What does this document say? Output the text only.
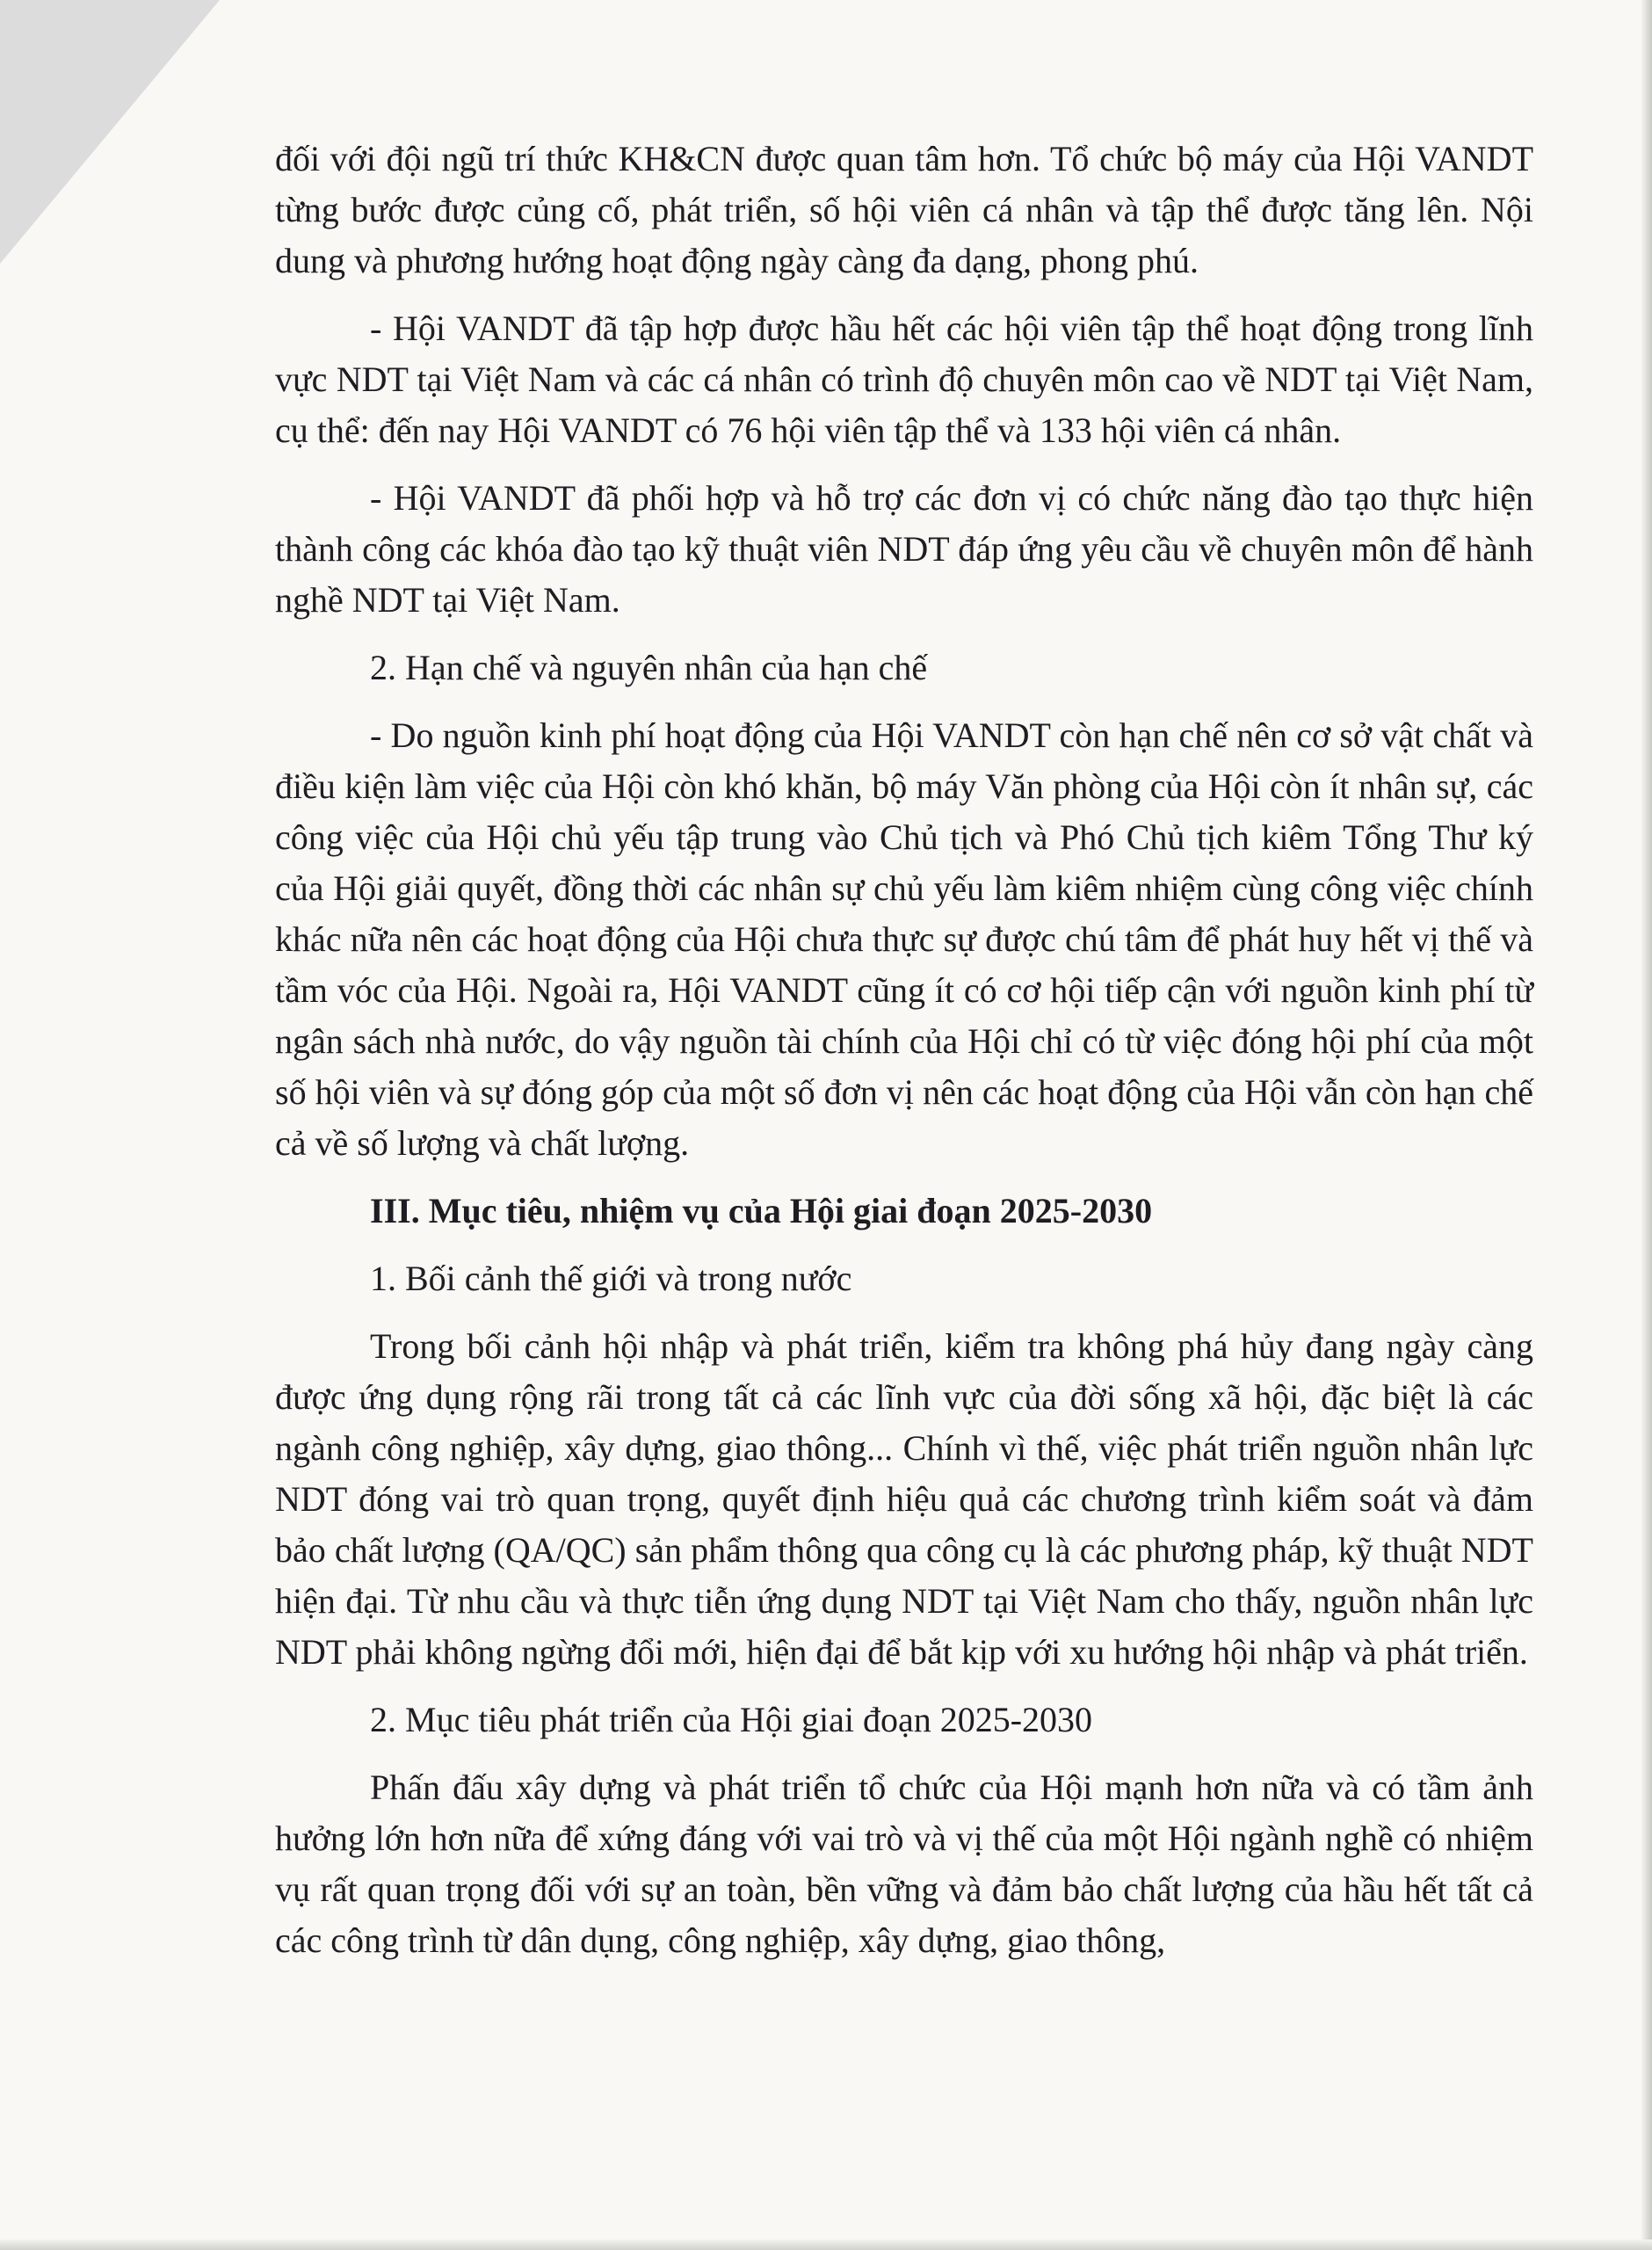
đối với đội ngũ trí thức KH&CN được quan tâm hơn. Tổ chức bộ máy của Hội VANDT từng bước được củng cố, phát triển, số hội viên cá nhân và tập thể được tăng lên. Nội dung và phương hướng hoạt động ngày càng đa dạng, phong phú.

- Hội VANDT đã tập hợp được hầu hết các hội viên tập thể hoạt động trong lĩnh vực NDT tại Việt Nam và các cá nhân có trình độ chuyên môn cao về NDT tại Việt Nam, cụ thể: đến nay Hội VANDT có 76 hội viên tập thể và 133 hội viên cá nhân.

- Hội VANDT đã phối hợp và hỗ trợ các đơn vị có chức năng đào tạo thực hiện thành công các khóa đào tạo kỹ thuật viên NDT đáp ứng yêu cầu về chuyên môn để hành nghề NDT tại Việt Nam.

2. Hạn chế và nguyên nhân của hạn chế

- Do nguồn kinh phí hoạt động của Hội VANDT còn hạn chế nên cơ sở vật chất và điều kiện làm việc của Hội còn khó khăn, bộ máy Văn phòng của Hội còn ít nhân sự, các công việc của Hội chủ yếu tập trung vào Chủ tịch và Phó Chủ tịch kiêm Tổng Thư ký của Hội giải quyết, đồng thời các nhân sự chủ yếu làm kiêm nhiệm cùng công việc chính khác nữa nên các hoạt động của Hội chưa thực sự được chú tâm để phát huy hết vị thế và tầm vóc của Hội. Ngoài ra, Hội VANDT cũng ít có cơ hội tiếp cận với nguồn kinh phí từ ngân sách nhà nước, do vậy nguồn tài chính của Hội chỉ có từ việc đóng hội phí của một số hội viên và sự đóng góp của một số đơn vị nên các hoạt động của Hội vẫn còn hạn chế cả về số lượng và chất lượng.

III. Mục tiêu, nhiệm vụ của Hội giai đoạn 2025-2030

1. Bối cảnh thế giới và trong nước

Trong bối cảnh hội nhập và phát triển, kiểm tra không phá hủy đang ngày càng được ứng dụng rộng rãi trong tất cả các lĩnh vực của đời sống xã hội, đặc biệt là các ngành công nghiệp, xây dựng, giao thông... Chính vì thế, việc phát triển nguồn nhân lực NDT đóng vai trò quan trọng, quyết định hiệu quả các chương trình kiểm soát và đảm bảo chất lượng (QA/QC) sản phẩm thông qua công cụ là các phương pháp, kỹ thuật NDT hiện đại. Từ nhu cầu và thực tiễn ứng dụng NDT tại Việt Nam cho thấy, nguồn nhân lực NDT phải không ngừng đổi mới, hiện đại để bắt kịp với xu hướng hội nhập và phát triển.

2. Mục tiêu phát triển của Hội giai đoạn 2025-2030

Phấn đấu xây dựng và phát triển tổ chức của Hội mạnh hơn nữa và có tầm ảnh hưởng lớn hơn nữa để xứng đáng với vai trò và vị thế của một Hội ngành nghề có nhiệm vụ rất quan trọng đối với sự an toàn, bền vững và đảm bảo chất lượng của hầu hết tất cả các công trình từ dân dụng, công nghiệp, xây dựng, giao thông,
